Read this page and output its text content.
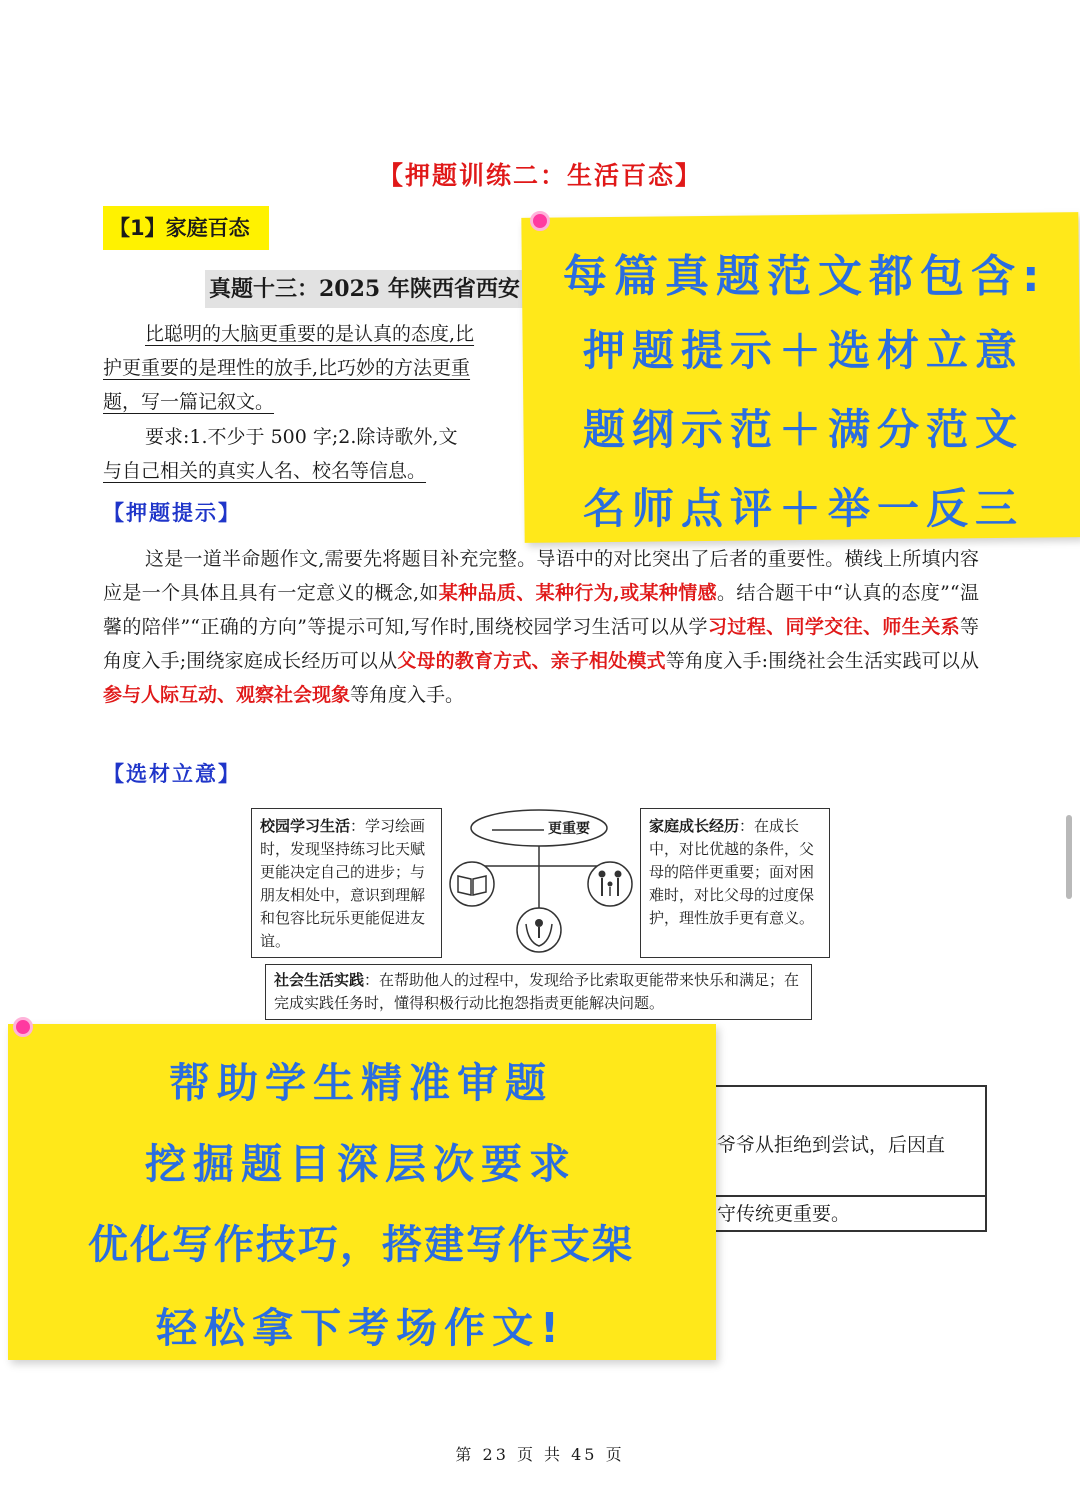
【押题训练二：生活百态】
【1】家庭百态
真题十三：2025 年陕西省西安
比聪明的大脑更重要的是认真的态度,比
护更重要的是理性的放手,比巧妙的方法更重
题，写一篇记叙文。
要求:1.不少于 500 字;2.除诗歌外,文
与自己相关的真实人名、校名等信息。
【押题提示】
这是一道半命题作文,需要先将题目补充完整。导语中的对比突出了后者的重要性。横线上所填内容应是一个具体且具有一定意义的概念,如某种品质、某种行为,或某种情感。结合题干中“认真的态度”“温馨的陪伴”“正确的方向”等提示可知,写作时,围绕校园学习生活可以从学习过程、同学交往、师生关系等角度入手;围绕家庭成长经历可以从父母的教育方式、亲子相处模式等角度入手:围绕社会生活实践可以从参与人际互动、观察社会现象等角度入手。
【选材立意】
校园学习生活：学习绘画时，发现坚持练习比天赋更能决定自己的进步；与朋友相处中，意识到理解和包容比玩乐更能促进友谊。
家庭成长经历：在成长中，对比优越的条件，父母的陪伴更重要；面对困难时，对比父母的过度保护，理性放手更有意义。
社会生活实践：在帮助他人的过程中，发现给予比索取更能带来快乐和满足；在完成实践任务时，懂得积极行动比抱怨指责更能解决问题。
更重要
爷爷从拒绝到尝试，后因直
守传统更重要。
每篇真题范文都包含:
押题提示＋选材立意
题纲示范＋满分范文
名师点评＋举一反三
帮助学生精准审题
挖掘题目深层次要求
优化写作技巧，搭建写作支架
轻松拿下考场作文!
第 23 页 共 45 页
